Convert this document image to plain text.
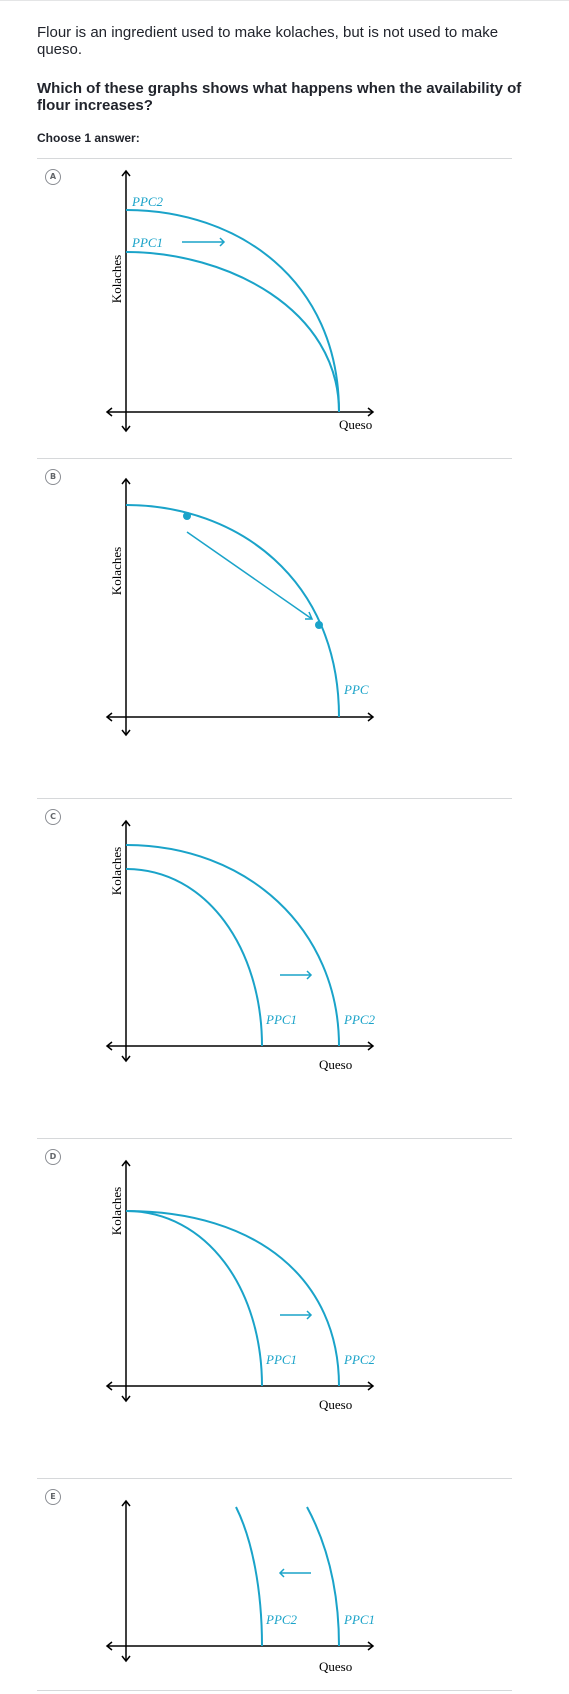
Flour is an ingredient used to make kolaches, but is not used to make queso.

Which of these graphs shows what happens when the availability of flour increases?

Choose 1 answer:

A
PPC2
PPC1
Kolaches
Queso
B
PPC
Kolaches
C
PPC1	PPC2
Kolaches
Queso
D
PPC1	PPC2
Kolaches
Queso
E
PPC2	PPC1
Queso
